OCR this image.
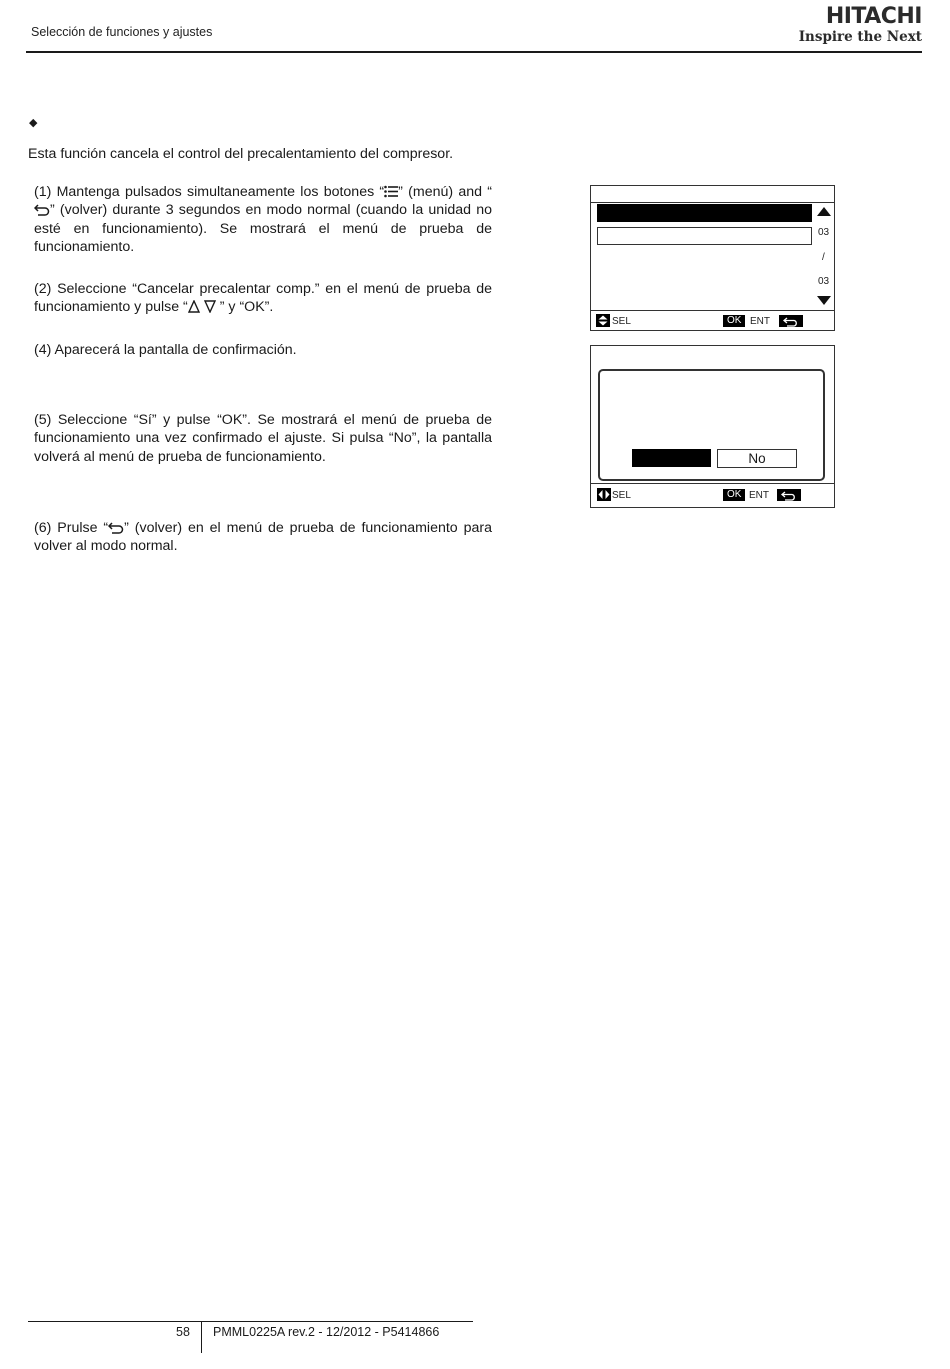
Selección de funciones y ajustes
HITACHI
Inspire the Next
◆
Esta función cancela el control del precalentamiento del compresor.
(1) Mantenga pulsados simultaneamente los botones “ ” (menú) and “” (volver) durante 3 segundos en modo normal (cuando la unidad no esté en funcionamiento). Se mostrará el menú de prueba de funcionamiento.
(2) Seleccione “Cancelar precalentar comp.” en el menú de prueba de funcionamiento y pulse “ ” y “OK”.
(4) Aparecerá la pantalla de confirmación.
(5) Seleccione “Sí” y pulse “OK”. Se mostrará el menú de prueba de funcionamiento una vez confirmado el ajuste. Si pulsa “No”, la pantalla volverá al menú de prueba de funcionamiento.
(6) Prulse “ ” (volver) en el menú de prueba de funcionamiento para volver al modo normal.
03
/
03
SEL	OK ENT
No
SEL	OK ENT
58 PMML0225A rev.2 - 12/2012 - P5414866
